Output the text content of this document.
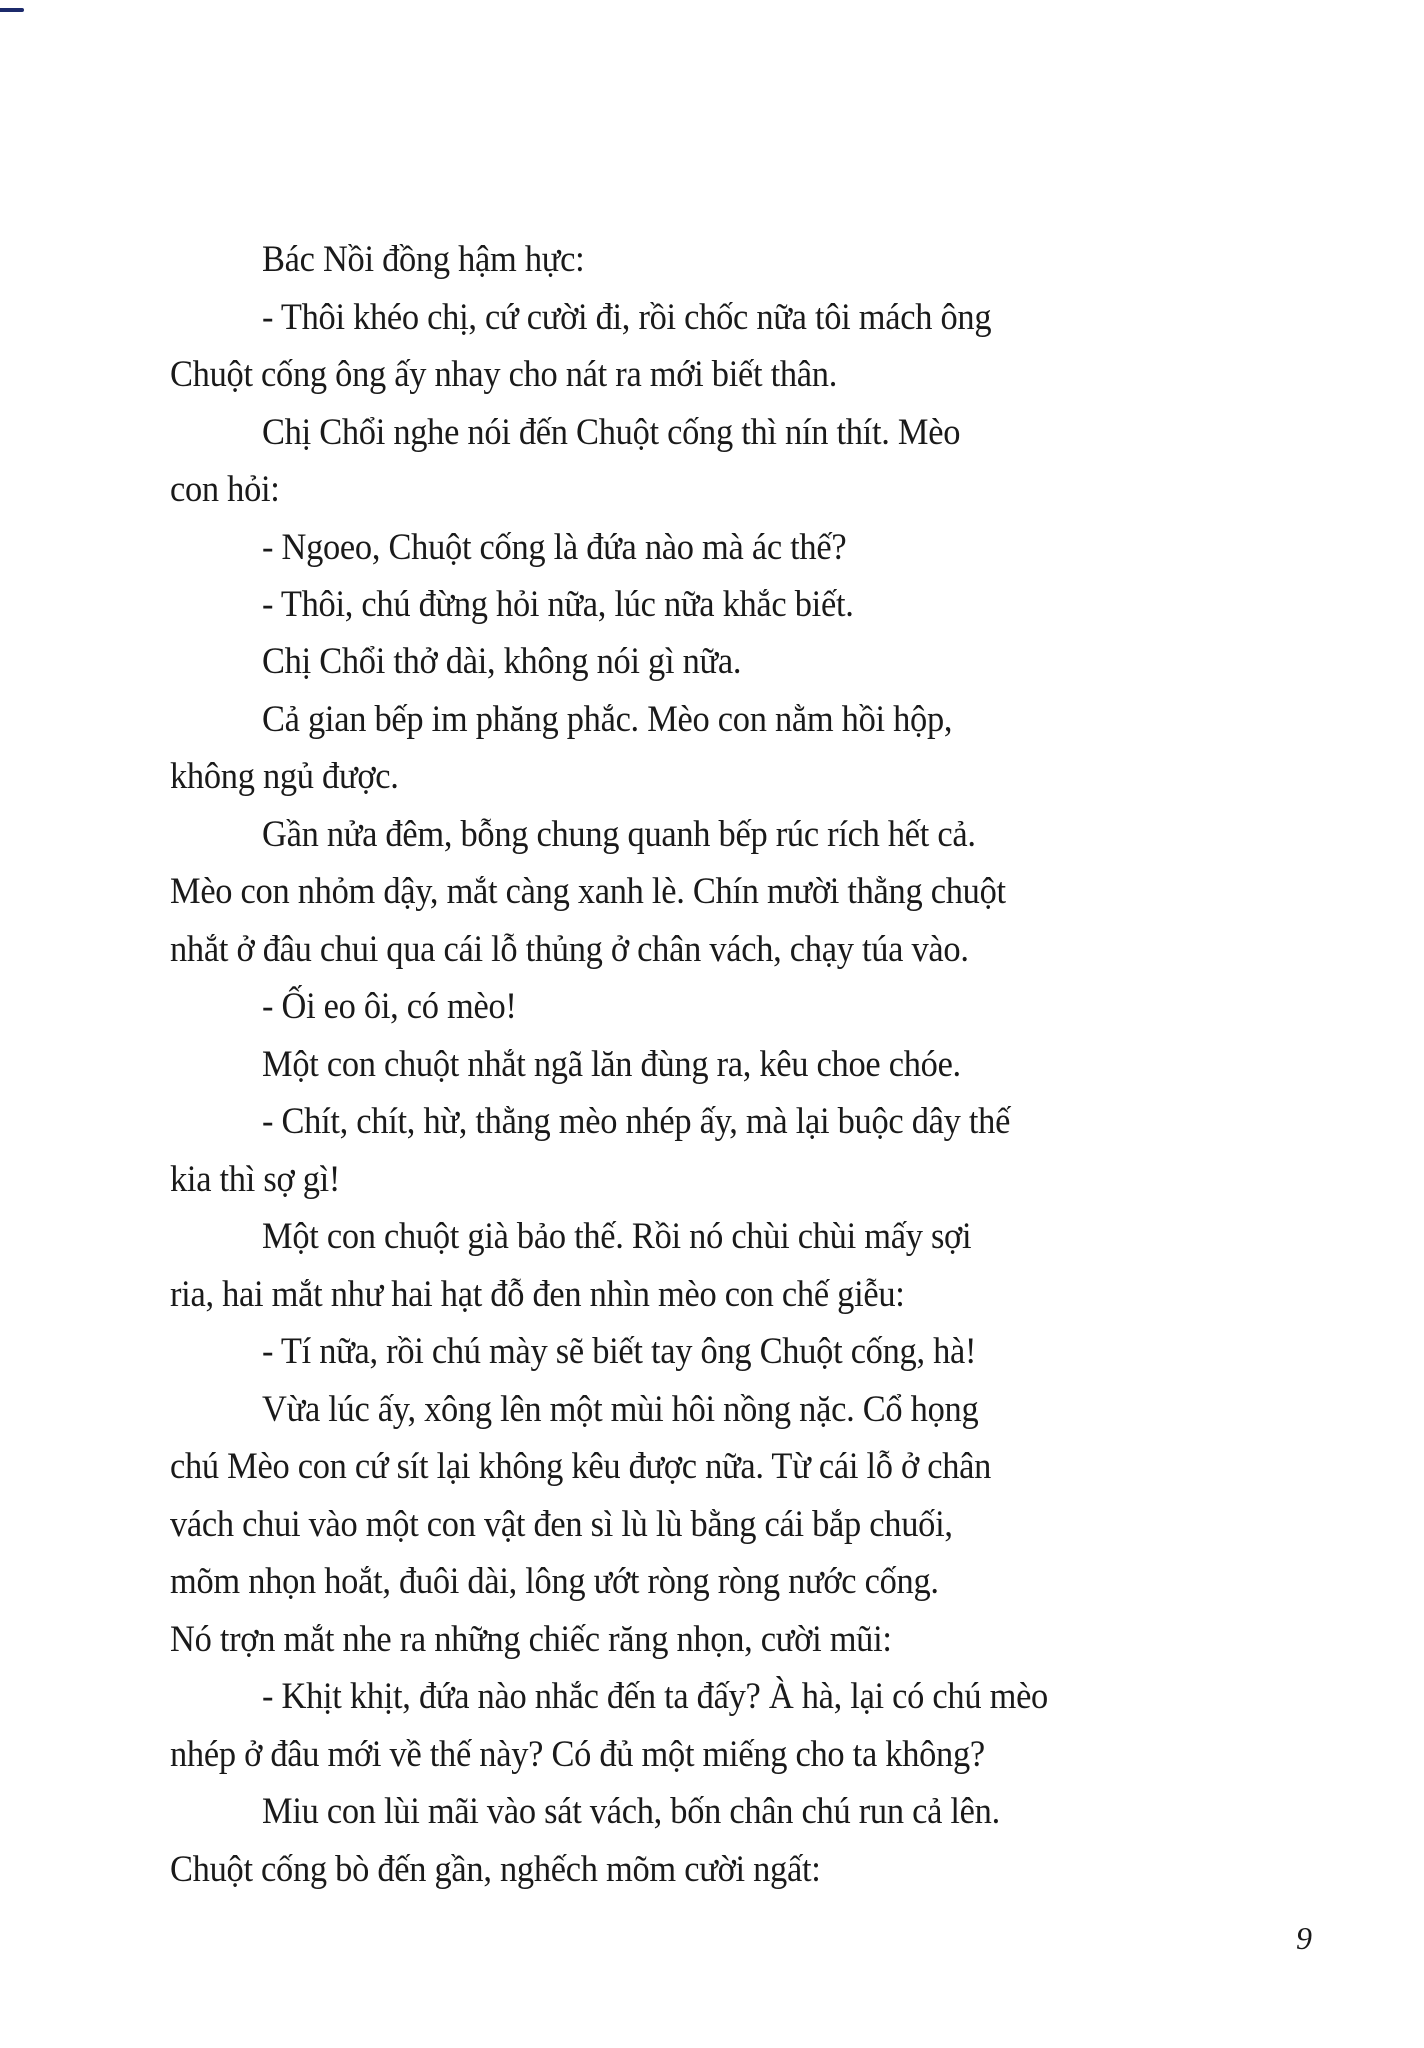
Bác Nồi đồng hậm hực:
- Thôi khéo chị, cứ cười đi, rồi chốc nữa tôi mách ông
Chuột cống ông ấy nhay cho nát ra mới biết thân.
Chị Chổi nghe nói đến Chuột cống thì nín thít. Mèo
con hỏi:
- Ngoeo, Chuột cống là đứa nào mà ác thế?
- Thôi, chú đừng hỏi nữa, lúc nữa khắc biết.
Chị Chổi thở dài, không nói gì nữa.
Cả gian bếp im phăng phắc. Mèo con nằm hồi hộp,
không ngủ được.
Gần nửa đêm, bỗng chung quanh bếp rúc rích hết cả.
Mèo con nhỏm dậy, mắt càng xanh lè. Chín mười thằng chuột
nhắt ở đâu chui qua cái lỗ thủng ở chân vách, chạy túa vào.
- Ối eo ôi, có mèo!
Một con chuột nhắt ngã lăn đùng ra, kêu choe chóe.
- Chít, chít, hừ, thằng mèo nhép ấy, mà lại buộc dây thế
kia thì sợ gì!
Một con chuột già bảo thế. Rồi nó chùi chùi mấy sợi
ria, hai mắt như hai hạt đỗ đen nhìn mèo con chế giễu:
- Tí nữa, rồi chú mày sẽ biết tay ông Chuột cống, hà!
Vừa lúc ấy, xông lên một mùi hôi nồng nặc. Cổ họng
chú Mèo con cứ sít lại không kêu được nữa. Từ cái lỗ ở chân
vách chui vào một con vật đen sì lù lù bằng cái bắp chuối,
mõm nhọn hoắt, đuôi dài, lông ướt ròng ròng nước cống.
Nó trợn mắt nhe ra những chiếc răng nhọn, cười mũi:
- Khịt khịt, đứa nào nhắc đến ta đấy? À hà, lại có chú mèo
nhép ở đâu mới về thế này? Có đủ một miếng cho ta không?
Miu con lùi mãi vào sát vách, bốn chân chú run cả lên.
Chuột cống bò đến gần, nghếch mõm cười ngất:
9
